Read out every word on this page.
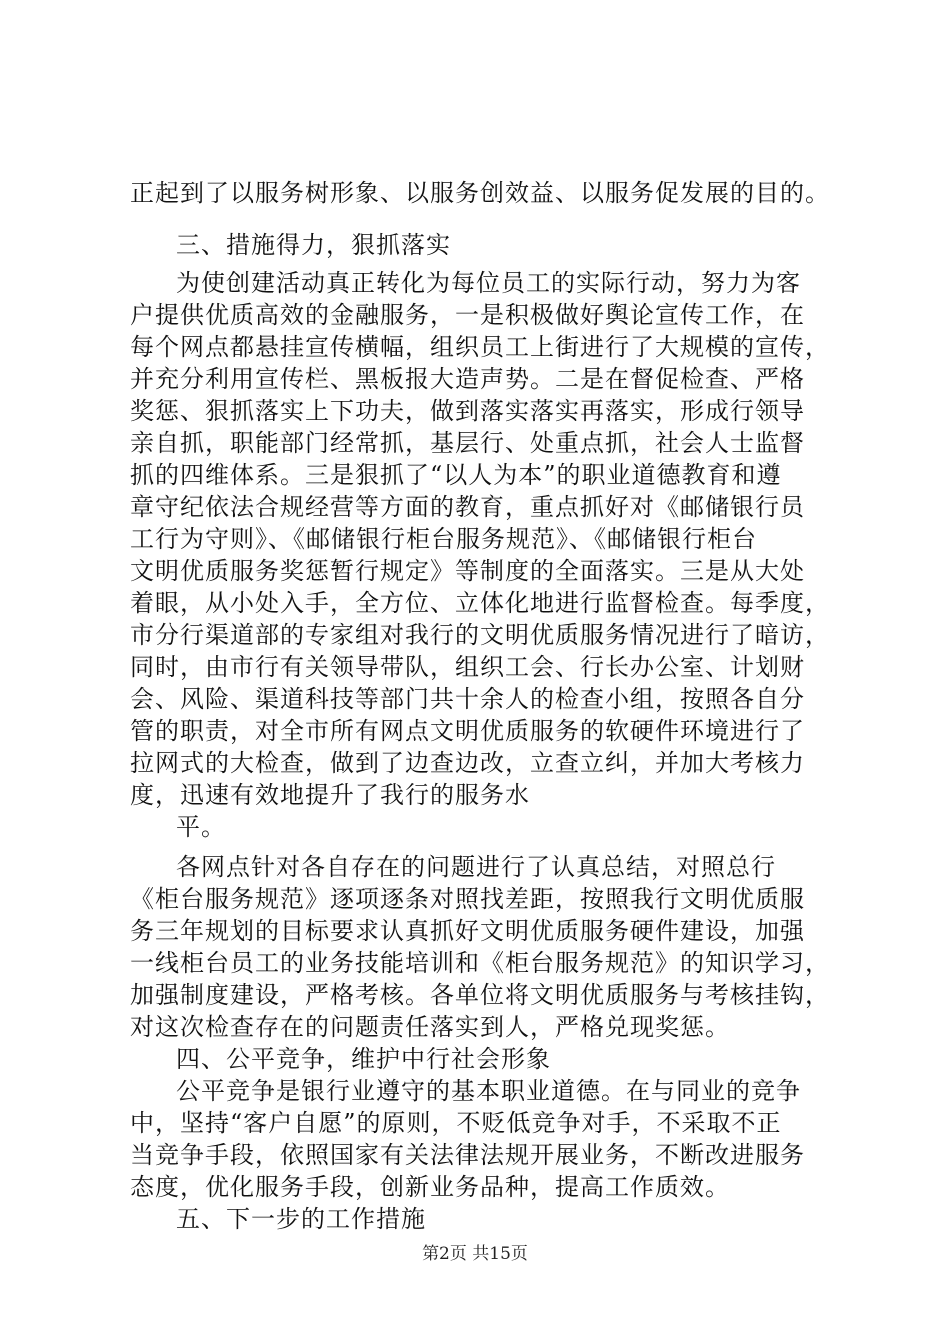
正起到了以服务树形象、以服务创效益、以服务促发展的目的。
三、措施得力，狠抓落实
为使创建活动真正转化为每位员工的实际行动，努力为客
户提供优质高效的金融服务，一是积极做好舆论宣传工作，在
每个网点都悬挂宣传横幅，组织员工上街进行了大规模的宣传，
并充分利用宣传栏、黑板报大造声势。二是在督促检查、严格
奖惩、狠抓落实上下功夫，做到落实落实再落实，形成行领导
亲自抓，职能部门经常抓，基层行、处重点抓，社会人士监督
抓的四维体系。三是狠抓了“以人为本”的职业道德教育和遵
章守纪依法合规经营等方面的教育，重点抓好对《邮储银行员
工行为守则》、《邮储银行柜台服务规范》、《邮储银行柜台
文明优质服务奖惩暂行规定》等制度的全面落实。三是从大处
着眼，从小处入手，全方位、立体化地进行监督检查。每季度，
市分行渠道部的专家组对我行的文明优质服务情况进行了暗访，
同时，由市行有关领导带队，组织工会、行长办公室、计划财
会、风险、渠道科技等部门共十余人的检查小组，按照各自分
管的职责，对全市所有网点文明优质服务的软硬件环境进行了
拉网式的大检查，做到了边查边改，立查立纠，并加大考核力
度，迅速有效地提升了我行的服务水
平。
各网点针对各自存在的问题进行了认真总结，对照总行
《柜台服务规范》逐项逐条对照找差距，按照我行文明优质服
务三年规划的目标要求认真抓好文明优质服务硬件建设，加强
一线柜台员工的业务技能培训和《柜台服务规范》的知识学习，
加强制度建设，严格考核。各单位将文明优质服务与考核挂钩，
对这次检查存在的问题责任落实到人，严格兑现奖惩。
四、公平竞争，维护中行社会形象
公平竞争是银行业遵守的基本职业道德。在与同业的竞争
中，坚持“客户自愿”的原则，不贬低竞争对手，不采取不正
当竞争手段，依照国家有关法律法规开展业务，不断改进服务
态度，优化服务手段，创新业务品种，提高工作质效。
五、下一步的工作措施
第2页 共15页
